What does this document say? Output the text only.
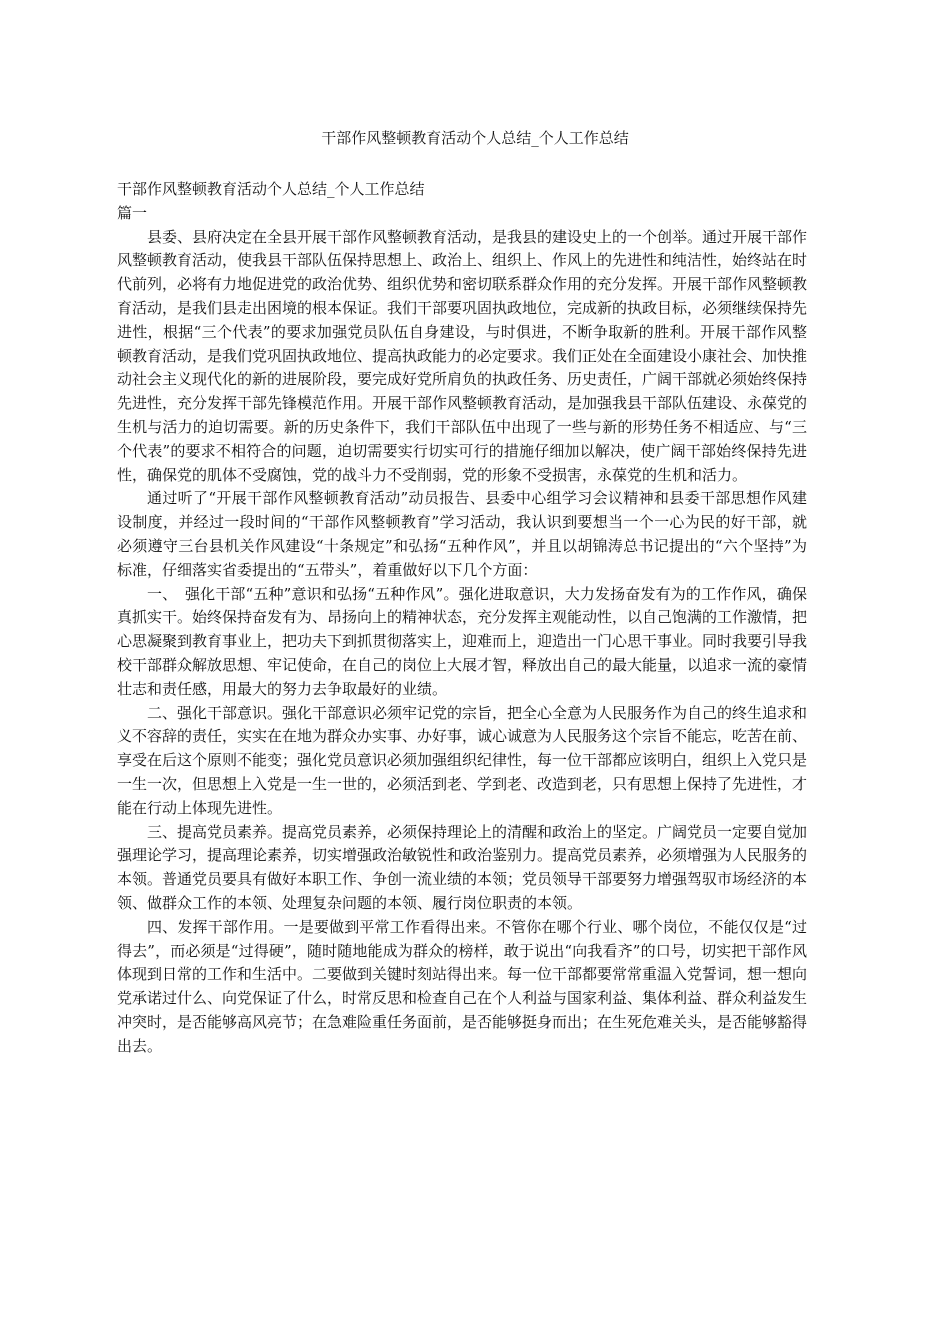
干部作风整顿教育活动个人总结_个人工作总结

干部作风整顿教育活动个人总结_个人工作总结

篇一

县委、县府决定在全县开展干部作风整顿教育活动，是我县的建设史上的一个创举。通过开展干部作风整顿教育活动，使我县干部队伍保持思想上、政治上、组织上、作风上的先进性和纯洁性，始终站在时代前列，必将有力地促进党的政治优势、组织优势和密切联系群众作用的充分发挥。开展干部作风整顿教育活动，是我们县走出困境的根本保证。我们干部要巩固执政地位，完成新的执政目标，必须继续保持先进性，根据“三个代表”的要求加强党员队伍自身建设，与时俱进，不断争取新的胜利。开展干部作风整顿教育活动，是我们党巩固执政地位、提高执政能力的必定要求。我们正处在全面建设小康社会、加快推动社会主义现代化的新的进展阶段，要完成好党所肩负的执政任务、历史责任，广阔干部就必须始终保持先进性，充分发挥干部先锋模范作用。开展干部作风整顿教育活动，是加强我县干部队伍建设、永葆党的生机与活力的迫切需要。新的历史条件下，我们干部队伍中出现了一些与新的形势任务不相适应、与“三个代表”的要求不相符合的问题，迫切需要实行切实可行的措施仔细加以解决，使广阔干部始终保持先进性，确保党的肌体不受腐蚀，党的战斗力不受削弱，党的形象不受损害，永葆党的生机和活力。

通过听了“开展干部作风整顿教育活动”动员报告、县委中心组学习会议精神和县委干部思想作风建设制度，并经过一段时间的“干部作风整顿教育”学习活动，我认识到要想当一个一心为民的好干部，就必须遵守三台县机关作风建设“十条规定”和弘扬“五种作风”，并且以胡锦涛总书记提出的“六个坚持”为标准，仔细落实省委提出的“五带头”，着重做好以下几个方面：

一、　强化干部“五种”意识和弘扬“五种作风”。强化进取意识，大力发扬奋发有为的工作作风，确保真抓实干。始终保持奋发有为、昂扬向上的精神状态，充分发挥主观能动性，以自己饱满的工作激情，把心思凝聚到教育事业上，把功夫下到抓贯彻落实上，迎难而上，迎造出一门心思干事业。同时我要引导我校干部群众解放思想、牢记使命，在自己的岗位上大展才智，释放出自己的最大能量，以追求一流的豪情壮志和责任感，用最大的努力去争取最好的业绩。

二、强化干部意识。强化干部意识必须牢记党的宗旨，把全心全意为人民服务作为自己的终生追求和义不容辞的责任，实实在在地为群众办实事、办好事，诚心诚意为人民服务这个宗旨不能忘，吃苦在前、享受在后这个原则不能变；强化党员意识必须加强组织纪律性，每一位干部都应该明白，组织上入党只是一生一次，但思想上入党是一生一世的，必须活到老、学到老、改造到老，只有思想上保持了先进性，才能在行动上体现先进性。

三、提高党员素养。提高党员素养，必须保持理论上的清醒和政治上的坚定。广阔党员一定要自觉加强理论学习，提高理论素养，切实增强政治敏锐性和政治鉴别力。提高党员素养，必须增强为人民服务的本领。普通党员要具有做好本职工作、争创一流业绩的本领；党员领导干部要努力增强驾驭市场经济的本领、做群众工作的本领、处理复杂问题的本领、履行岗位职责的本领。

四、发挥干部作用。一是要做到平常工作看得出来。不管你在哪个行业、哪个岗位，不能仅仅是“过得去”，而必须是“过得硬”，随时随地能成为群众的榜样，敢于说出“向我看齐”的口号，切实把干部作风体现到日常的工作和生活中。二要做到关键时刻站得出来。每一位干部都要常常重温入党誓词，想一想向党承诺过什么、向党保证了什么，时常反思和检查自己在个人利益与国家利益、集体利益、群众利益发生冲突时，是否能够高风亮节；在急难险重任务面前，是否能够挺身而出；在生死危难关头，是否能够豁得出去。
